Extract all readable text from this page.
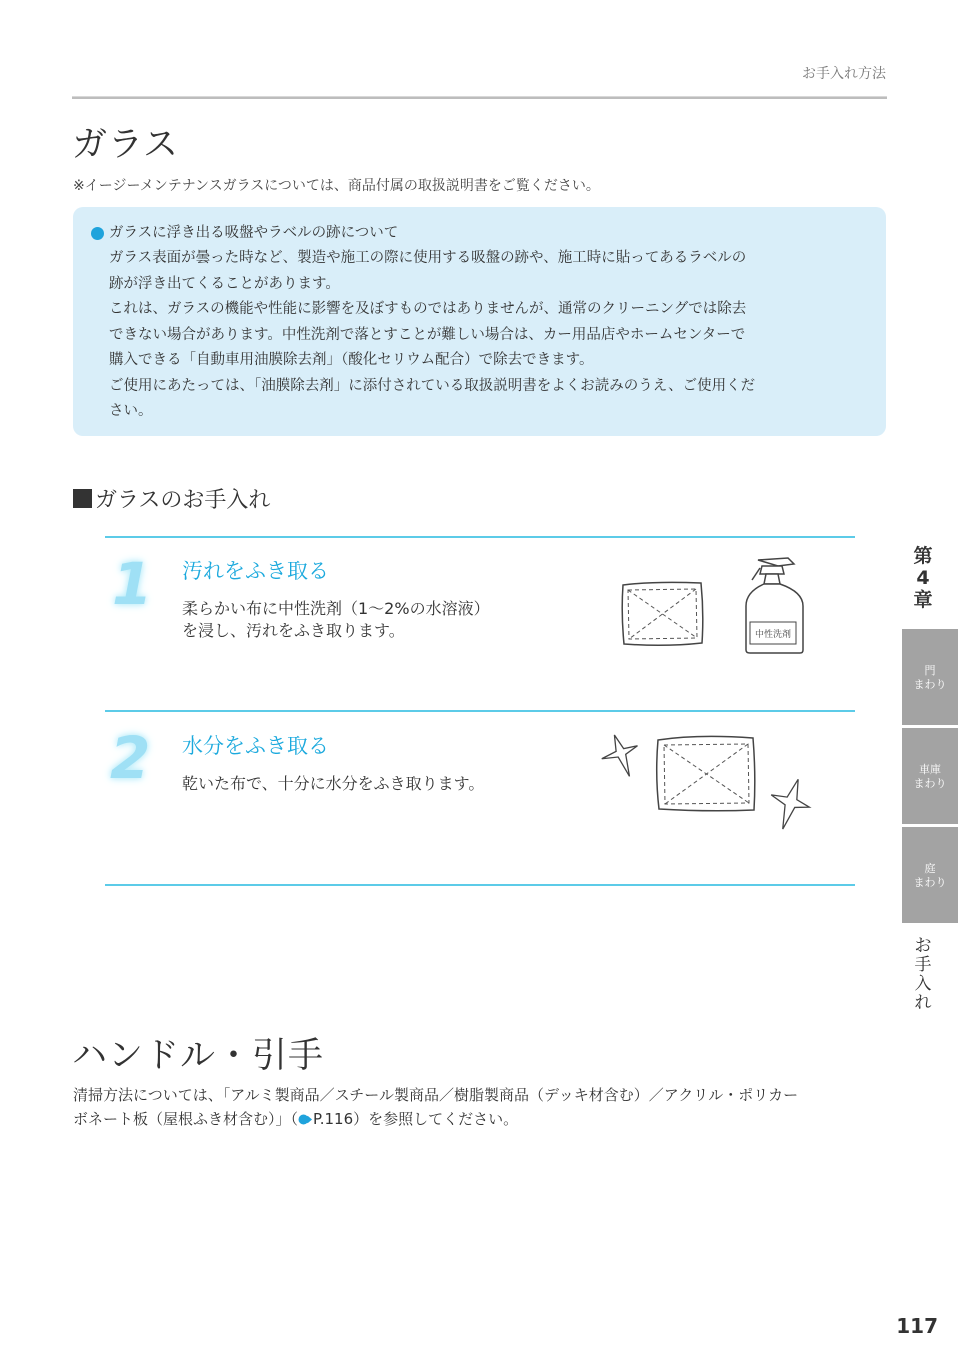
お手入れ方法
ガラス
※イージーメンテナンスガラスについては、商品付属の取扱説明書をご覧ください。
ガラスに浮き出る吸盤やラベルの跡について

ガラス表面が曇った時など、製造や施工の際に使用する吸盤の跡や、施工時に貼ってあるラベルの

跡が浮き出てくることがあります。

これは、ガラスの機能や性能に影響を及ぼすものではありませんが、通常のクリーニングでは除去

できない場合があります。中性洗剤で落とすことが難しい場合は、カー用品店やホームセンターで

購入できる「自動車用油膜除去剤」（酸化セリウム配合）で除去できます。

ご使用にあたっては、「油膜除去剤」に添付されている取扱説明書をよくお読みのうえ、ご使用くだ

さい。

ガラスのお手入れ
1 汚れをふき取る
柔らかい布に中性洗剤（1〜2%の水溶液）
を浸し、汚れをふき取ります。	中性洗剤
2 水分をふき取る
乾いた布で、十分に水分をふき取ります。
第
4
章
門
まわり
車庫
まわり
庭
まわり
お
手
入
れ
ハンドル・引手
清掃方法については、「アルミ製商品／スチール製商品／樹脂製商品（デッキ材含む）／アクリル・ポリカー
ボネート板（屋根ふき材含む）」（ P.116）を参照してください。
117
